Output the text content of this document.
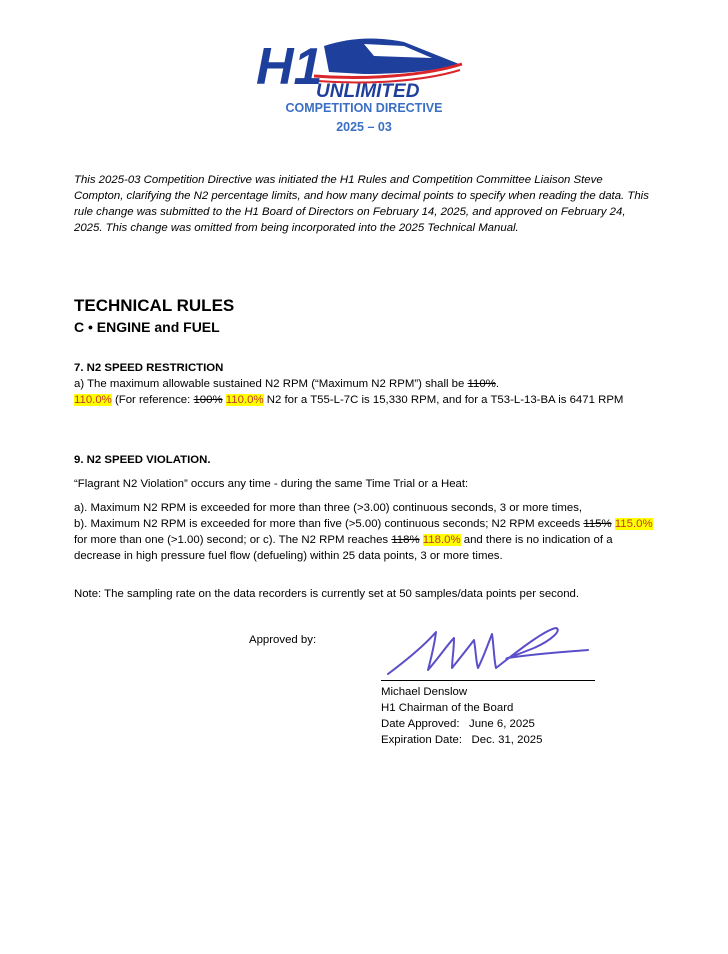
H1
UNLIMITED
COMPETITION DIRECTIVE
2025 – 03
This 2025-03 Competition Directive was initiated the H1 Rules and Competition Committee Liaison Steve Compton, clarifying the N2 percentage limits, and how many decimal points to specify when reading the data. This rule change was submitted to the H1 Board of Directors on February 14, 2025, and approved on February 24, 2025. This change was omitted from being incorporated into the 2025 Technical Manual.
TECHNICAL RULES
C • ENGINE and FUEL
7. N2 SPEED RESTRICTION
a) The maximum allowable sustained N2 RPM (“Maximum N2 RPM”) shall be 110%.
110.0% (For reference: 100% 110.0% N2 for a T55-L-7C is 15,330 RPM, and for a T53-L-13-BA is 6471 RPM
9. N2 SPEED VIOLATION.
“Flagrant N2 Violation” occurs any time - during the same Time Trial or a Heat:
a). Maximum N2 RPM is exceeded for more than three (>3.00) continuous seconds, 3 or more times,
b). Maximum N2 RPM is exceeded for more than five (>5.00) continuous seconds; N2 RPM exceeds 115% 115.0% for more than one (>1.00) second; or c). The N2 RPM reaches 118% 118.0% and there is no indication of a decrease in high pressure fuel flow (defueling) within 25 data points, 3 or more times.
Note: The sampling rate on the data recorders is currently set at 50 samples/data points per second.
Approved by:
Michael Denslow
H1 Chairman of the Board
Date Approved:   June 6, 2025
Expiration Date:   Dec. 31, 2025
